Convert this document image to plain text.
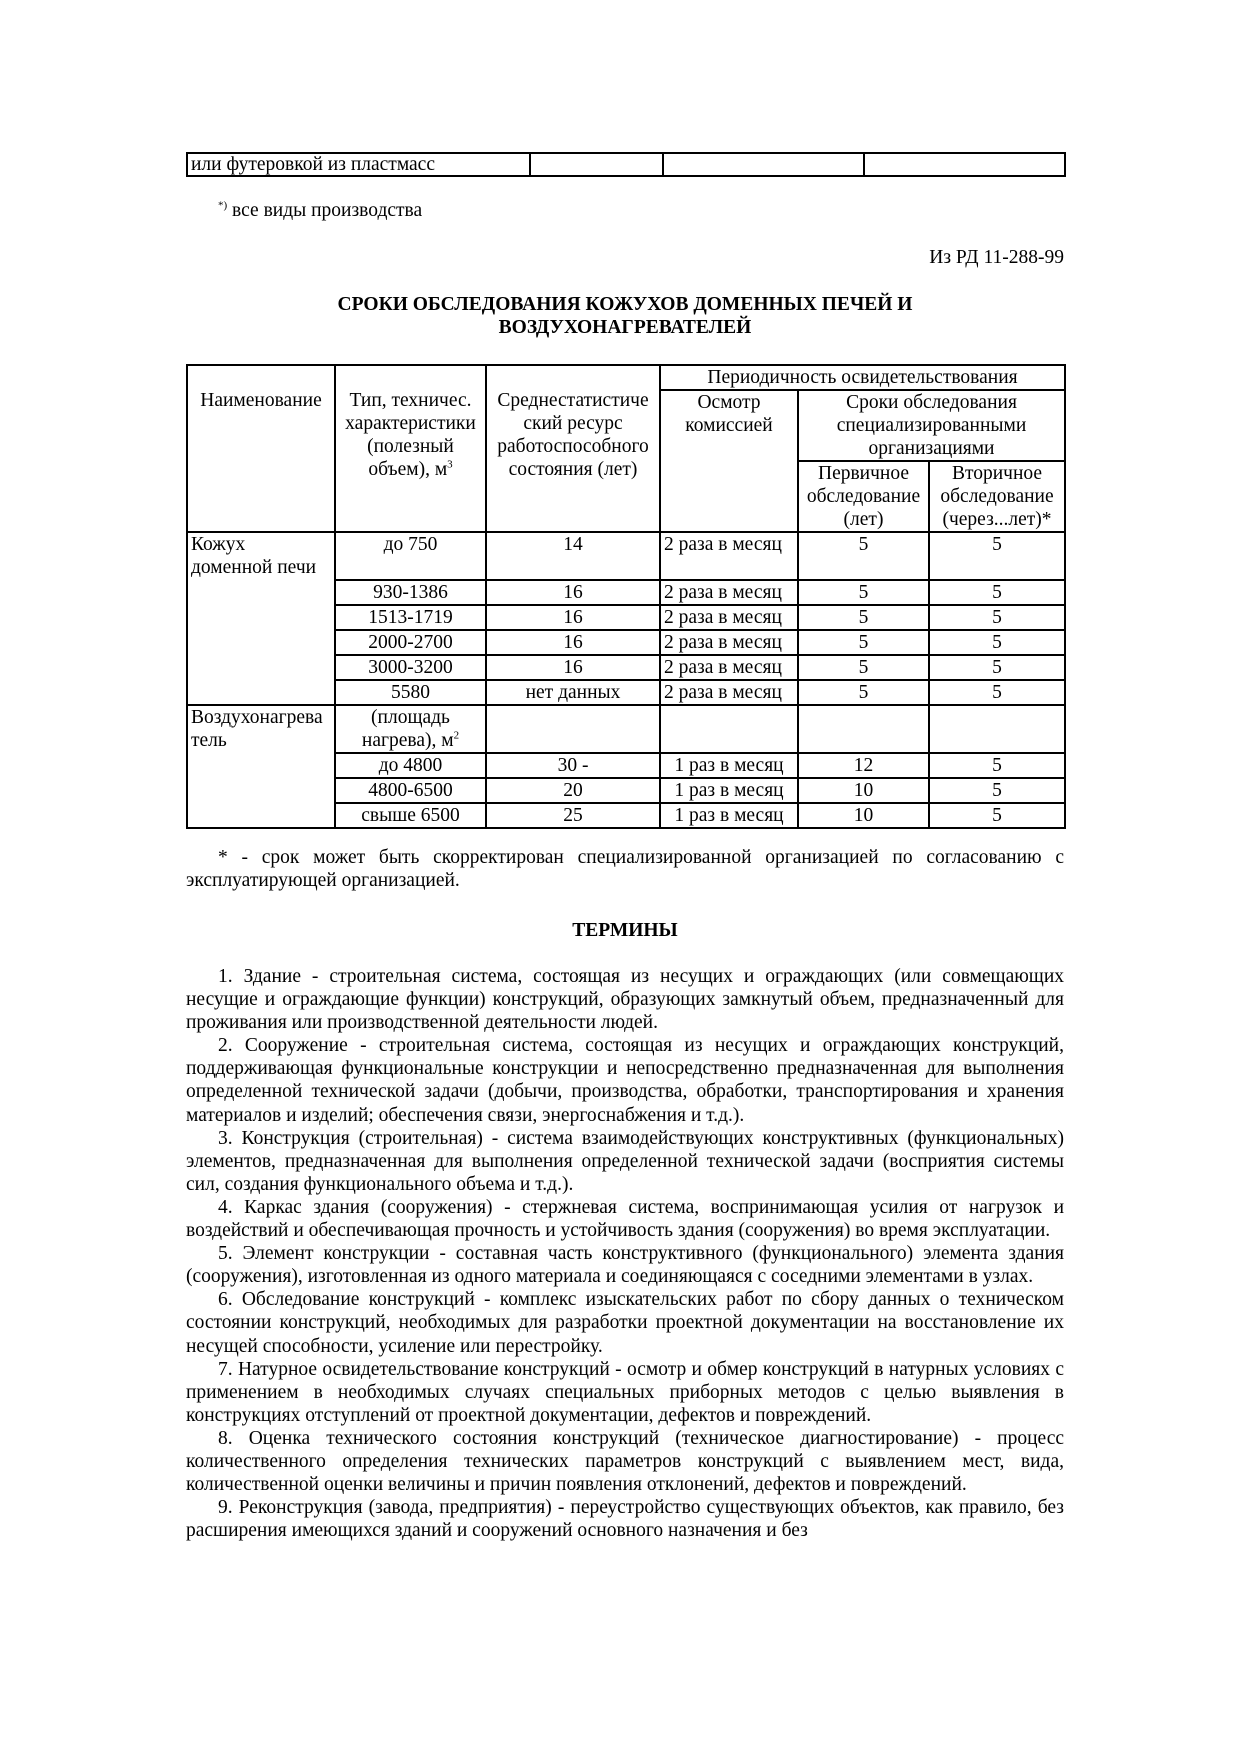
или футеровкой из пластмасс			
*) все виды производства
Из РД 11-288-99
СРОКИ ОБСЛЕДОВАНИЯ КОЖУХОВ ДОМЕННЫХ ПЕЧЕЙ И
ВОЗДУХОНАГРЕВАТЕЛЕЙ
Наименование	Тип, техничес. характеристики (полезный объем), $м^3$	Среднестатистиче ский ресурс работоспособного состояния (лет)	Периодичность освидетельствования		
			Осмотр комиссией	Сроки обследования специализированными организациями	
				Первичное обследование (лет)	Вторичное обследование (через...лет)*
Кожух доменной печи	до 750	14	2 раза в месяц	5	5
	930-1386	16	2 раза в месяц	5	5
	1513-1719	16	2 раза в месяц	5	5
	2000-2700	16	2 раза в месяц	5	5
	3000-3200	16	2 раза в месяц	5	5
	5580	нет данных	2 раза в месяц	5	5
Воздухонагрева тель	(площадь нагрева), $м^2$				
	до 4800	30 -	1 раз в месяц	12	5
	4800-6500	20	1 раз в месяц	10	5
	свыше 6500	25	1 раз в месяц	10	5
* - срок может быть скорректирован специализированной организацией по согласованию с эксплуатирующей организацией.
ТЕРМИНЫ

1. Здание - строительная система, состоящая из несущих и ограждающих (или совмещающих несущие и ограждающие функции) конструкций, образующих замкнутый объем, предназначенный для проживания или производственной деятельности людей.

2. Сооружение - строительная система, состоящая из несущих и ограждающих конструкций, поддерживающая функциональные конструкции и непосредственно предназначенная для выполнения определенной технической задачи (добычи, производства, обработки, транспортирования и хранения материалов и изделий; обеспечения связи, энергоснабжения и т.д.).

3. Конструкция (строительная) - система взаимодействующих конструктивных (функциональных) элементов, предназначенная для выполнения определенной технической задачи (восприятия системы сил, создания функционального объема и т.д.).

4. Каркас здания (сооружения) - стержневая система, воспринимающая усилия от нагрузок и воздействий и обеспечивающая прочность и устойчивость здания (сооружения) во время эксплуатации.

5. Элемент конструкции - составная часть конструктивного (функционального) элемента здания (сооружения), изготовленная из одного материала и соединяющаяся с соседними элементами в узлах.

6. Обследование конструкций - комплекс изыскательских работ по сбору данных о техническом состоянии конструкций, необходимых для разработки проектной документации на восстановление их несущей способности, усиление или перестройку.

7. Натурное освидетельствование конструкций - осмотр и обмер конструкций в натурных условиях с применением в необходимых случаях специальных приборных методов с целью выявления в конструкциях отступлений от проектной документации, дефектов и повреждений.

8. Оценка технического состояния конструкций (техническое диагностирование) - процесс количественного определения технических параметров конструкций с выявлением мест, вида, количественной оценки величины и причин появления отклонений, дефектов и повреждений.

9. Реконструкция (завода, предприятия) - переустройство существующих объектов, как правило, без расширения имеющихся зданий и сооружений основного назначения и без
